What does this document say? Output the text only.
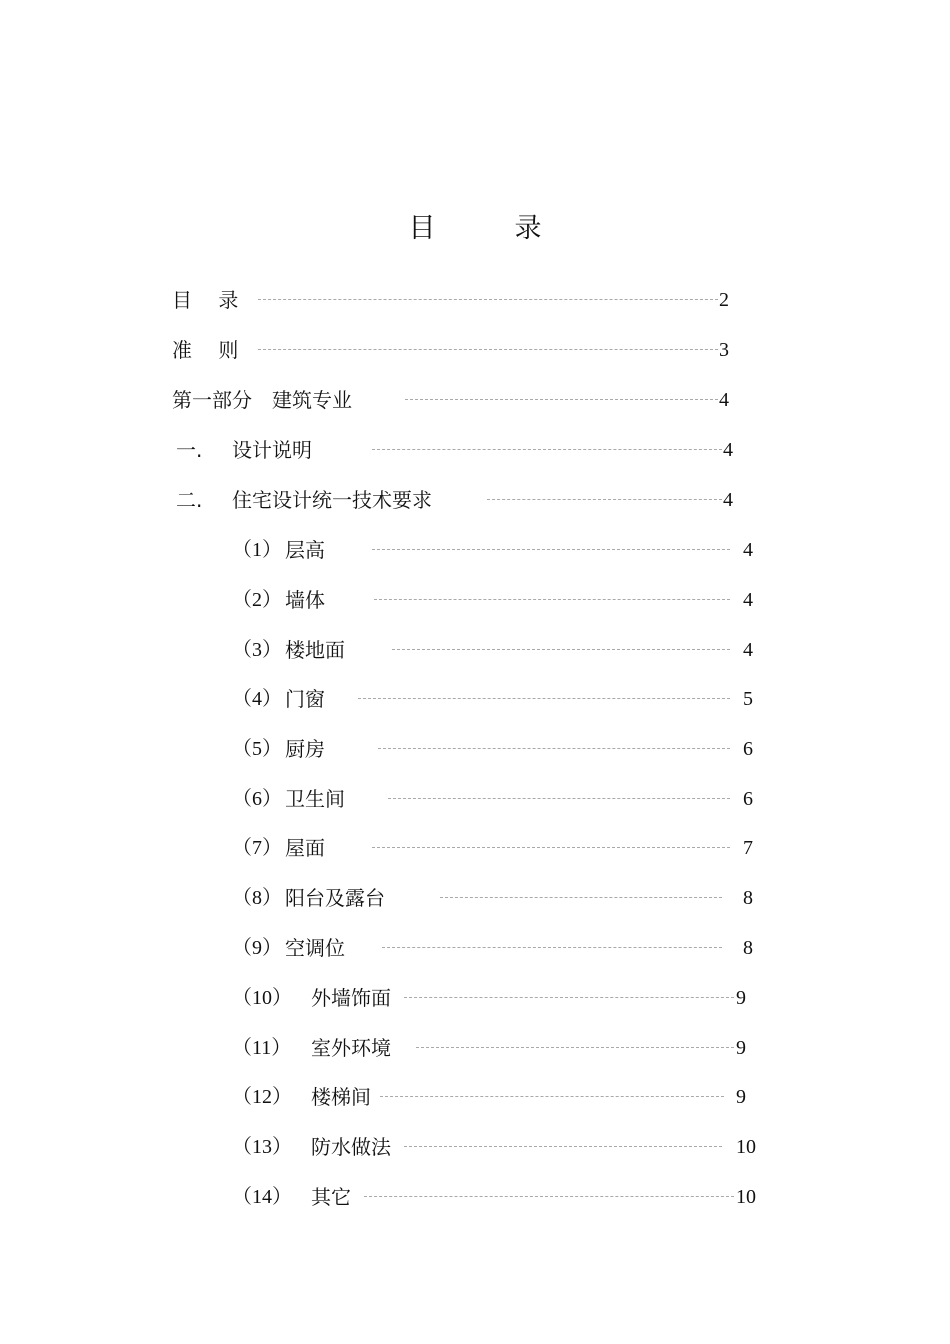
目　录
目 录	2
准 则	3
第一部分　建筑专业	4
一. 设计说明	4
二. 住宅设计统一技术要求	4
（1） 层高	4
（2） 墙体	4
（3） 楼地面	4
（4） 门窗	5
（5） 厨房	6
（6） 卫生间	6
（7） 屋面	7
（8） 阳台及露台	8
（9） 空调位	8
（10） 外墙饰面	9
（11） 室外环境	9
（12） 楼梯间	9
（13） 防水做法	10
（14） 其它	10
